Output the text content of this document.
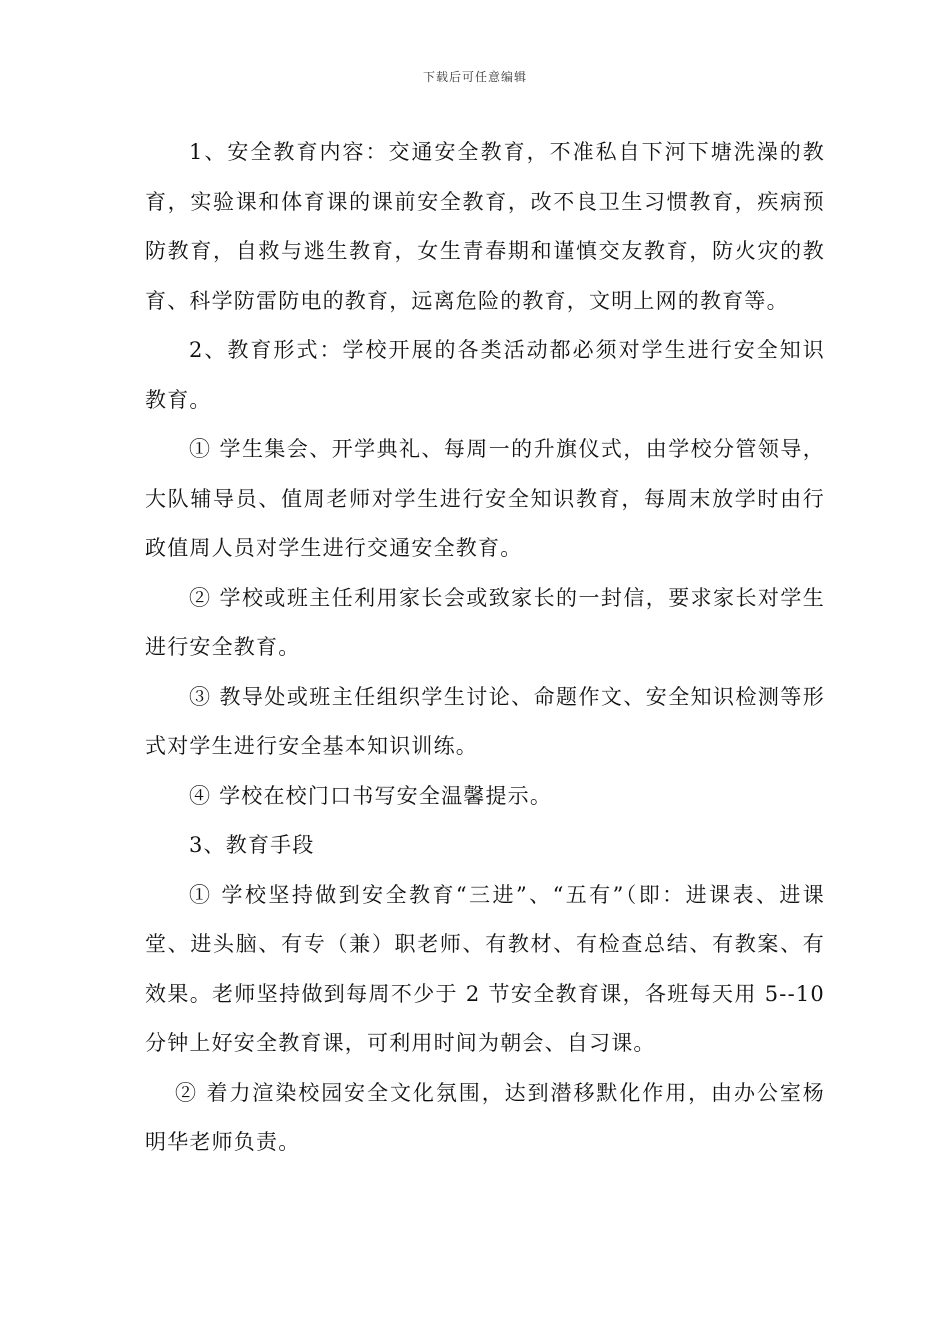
下载后可任意编辑

1、安全教育内容：交通安全教育，不准私自下河下塘洗澡的教育，实验课和体育课的课前安全教育，改不良卫生习惯教育，疾病预防教育，自救与逃生教育，女生青春期和谨慎交友教育，防火灾的教育、科学防雷防电的教育，远离危险的教育，文明上网的教育等。

2、教育形式：学校开展的各类活动都必须对学生进行安全知识教育。

① 学生集会、开学典礼、每周一的升旗仪式，由学校分管领导，大队辅导员、值周老师对学生进行安全知识教育，每周末放学时由行政值周人员对学生进行交通安全教育。

② 学校或班主任利用家长会或致家长的一封信，要求家长对学生进行安全教育。

③ 教导处或班主任组织学生讨论、命题作文、安全知识检测等形式对学生进行安全基本知识训练。

④ 学校在校门口书写安全温馨提示。

3、教育手段

① 学校坚持做到安全教育“三进”、“五有”（即：进课表、进课堂、进头脑、有专（兼）职老师、有教材、有检查总结、有教案、有效果。老师坚持做到每周不少于 2 节安全教育课，各班每天用 5--10 分钟上好安全教育课，可利用时间为朝会、自习课。

② 着力渲染校园安全文化氛围，达到潜移默化作用，由办公室杨明华老师负责。
